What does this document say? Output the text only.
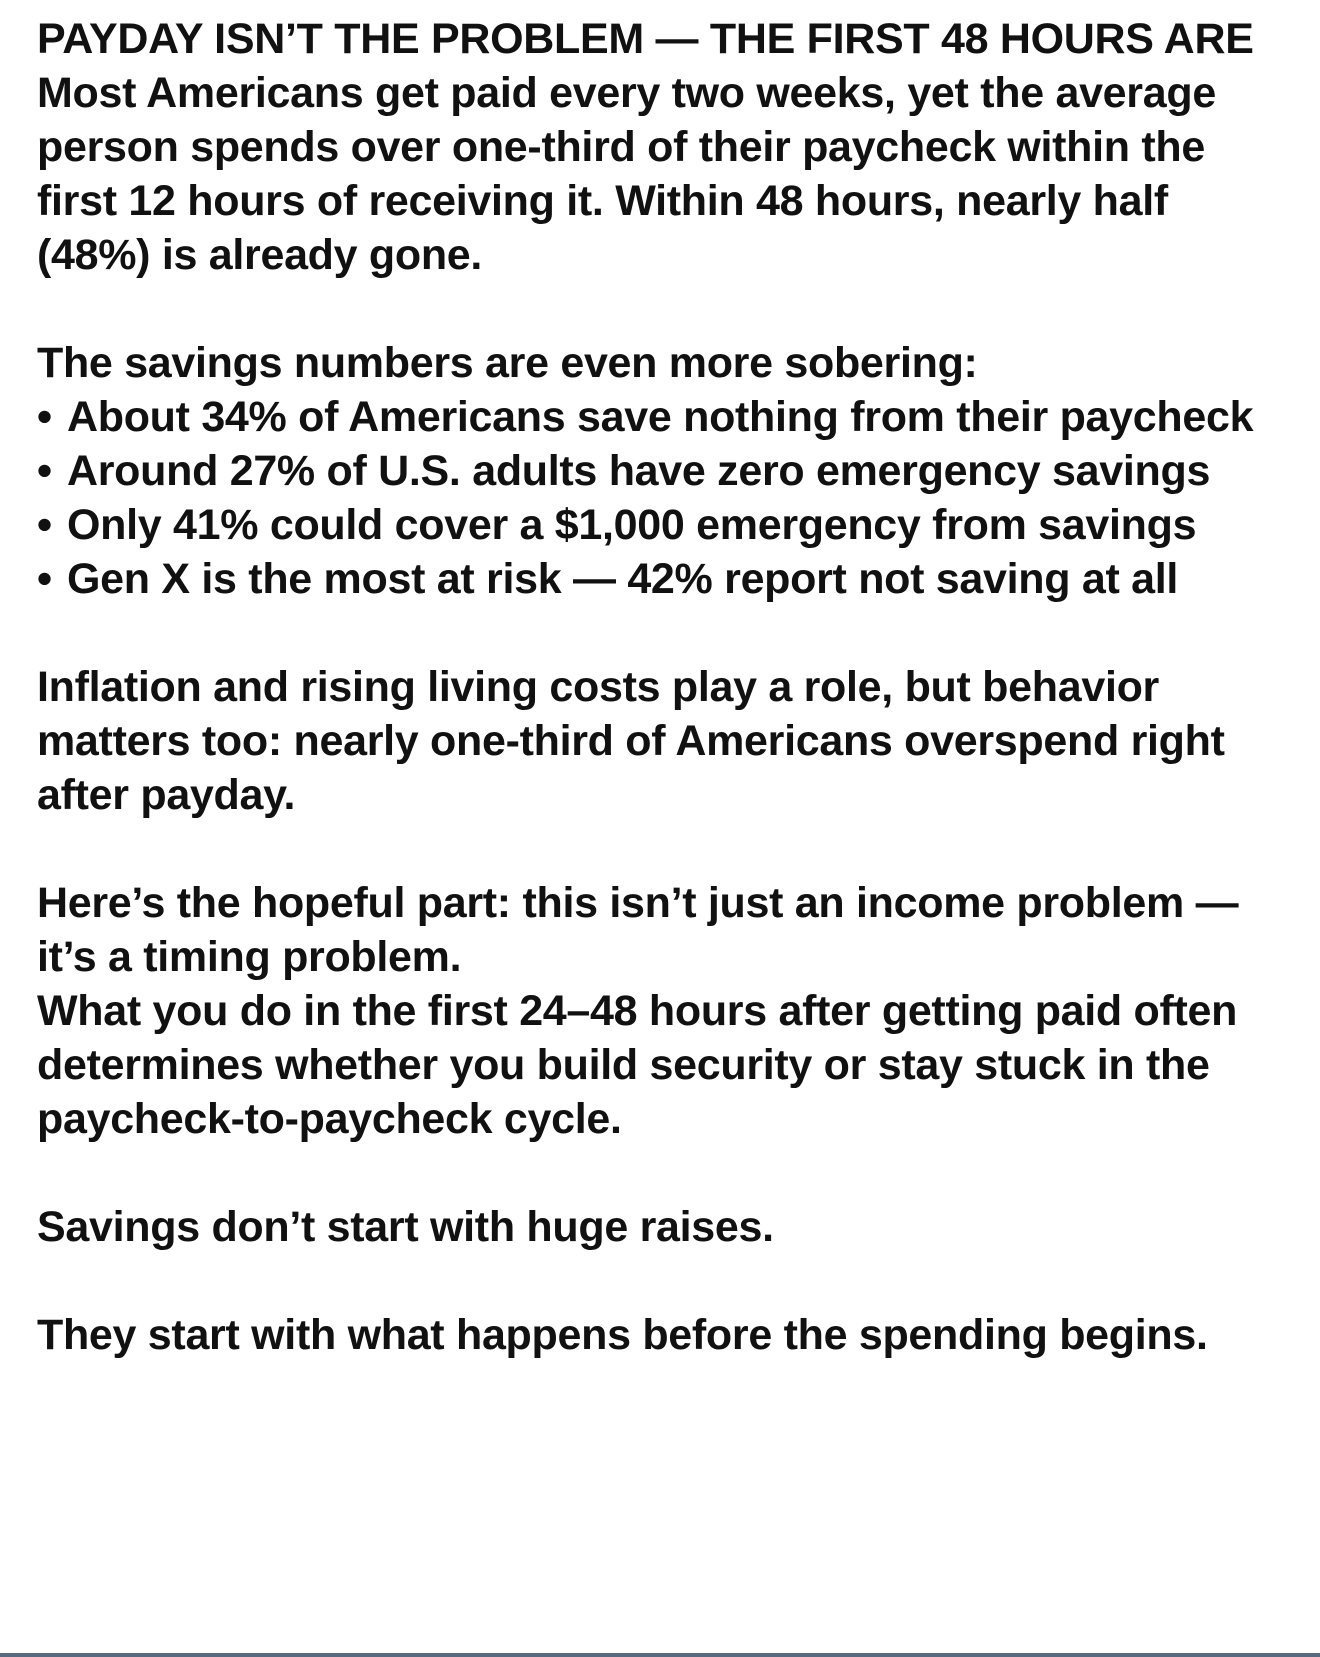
PAYDAY ISN’T THE PROBLEM — THE FIRST 48 HOURS ARE

Most Americans get paid every two weeks, yet the average person spends over one-third of their paycheck within the first 12 hours of receiving it. Within 48 hours, nearly half (48%) is already gone.

The savings numbers are even more sobering:

• About 34% of Americans save nothing from their paycheck
• Around 27% of U.S. adults have zero emergency savings
• Only 41% could cover a $1,000 emergency from savings
• Gen X is the most at risk — 42% report not saving at all

Inflation and rising living costs play a role, but behavior matters too: nearly one-third of Americans overspend right after payday.

Here’s the hopeful part: this isn’t just an income problem — it’s a timing problem.

What you do in the first 24–48 hours after getting paid often determines whether you build security or stay stuck in the paycheck-to-paycheck cycle.

Savings don’t start with huge raises.

They start with what happens before the spending begins.
